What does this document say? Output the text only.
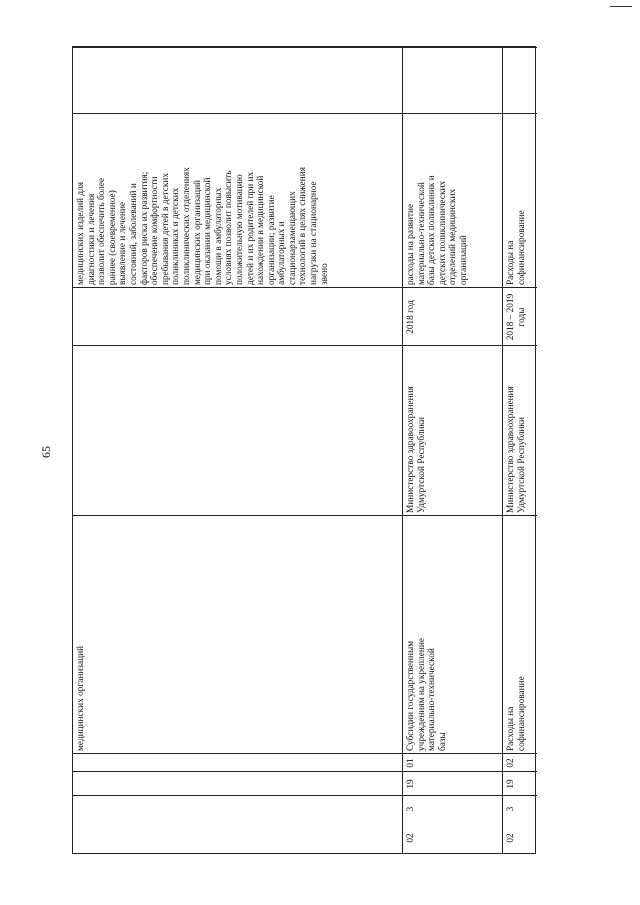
65
медицинских организаций
медицинских изделий для
диагностики и лечения
позволит обеспечить более
раннее (своевременное)
выявление и лечение
состояний, заболеваний и
факторов риска их развития;
обеспечение комфортности
пребывания детей в детских
поликлиниках и детских
поликлинических отделениях
медицинских организаций
при оказании медицинской
помощи в амбулаторных
условиях позволит повысить
положительную мотивацию
детей и их родителей при их
нахождении в медицинской
организации; развитие
амбулаторных и
стационарзамещающих
технологий в целях снижения
нагрузки на стационарное
звено
02
3
19
01
Субсидии государственным
учреждениям на укрепление
материально-технической
базы
Министерство здравоохранения
Удмуртской Республики
2018 год
расходы на развитие
материально-технической
базы детских поликлиник и
детских поликлинических
отделений медицинских
организаций
02
3
19
02
Расходы на
софинансирование
Министерство здравоохранения
Удмуртской Республики
2018 – 2019
годы
Расходы на
софинансирование
